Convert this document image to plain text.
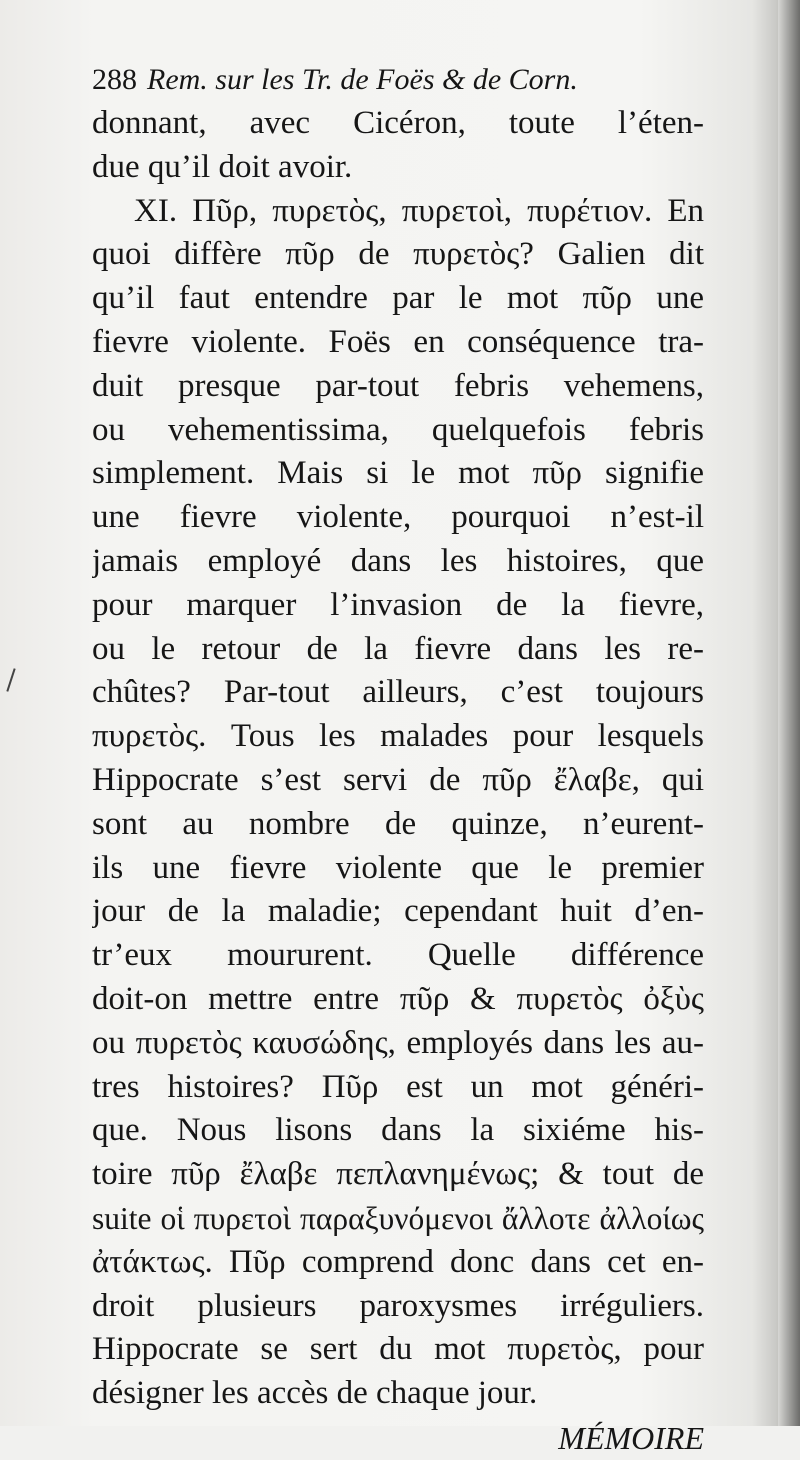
288 Rem. sur les Tr. de Foës & de Corn.
donnant, avec Cicéron, toute l’éten-
due qu’il doit avoir.
XI. Πῦρ, πυρετὸς, πυρετοὶ, πυρέτιον. En
quoi diffère πῦρ de πυρετὸς? Galien dit
qu’il faut entendre par le mot πῦρ une
fievre violente. Foës en conséquence tra-
duit presque par-tout febris vehemens,
ou vehementissima, quelquefois febris
simplement. Mais si le mot πῦρ signifie
une fievre violente, pourquoi n’est-il
jamais employé dans les histoires, que
pour marquer l’invasion de la fievre,
ou le retour de la fievre dans les re-
chûtes? Par-tout ailleurs, c’est toujours
πυρετὸς. Tous les malades pour lesquels
Hippocrate s’est servi de πῦρ ἔλαβε, qui
sont au nombre de quinze, n’eurent-
ils une fievre violente que le premier
jour de la maladie; cependant huit d’en-
tr’eux moururent. Quelle différence
doit-on mettre entre πῦρ & πυρετὸς ὀξὺς
ou πυρετὸς καυσώδης, employés dans les au-
tres histoires? Πῦρ est un mot généri-
que. Nous lisons dans la sixiéme his-
toire πῦρ ἔλαβε πεπλανημένως; & tout de
suite οἱ πυρετοὶ παραξυνόμενοι ἄλλοτε ἀλλοίως
ἀτάκτως. Πῦρ comprend donc dans cet en-
droit plusieurs paroxysmes irréguliers.
Hippocrate se sert du mot πυρετὸς, pour
désigner les accès de chaque jour.
MÉMOIRE
